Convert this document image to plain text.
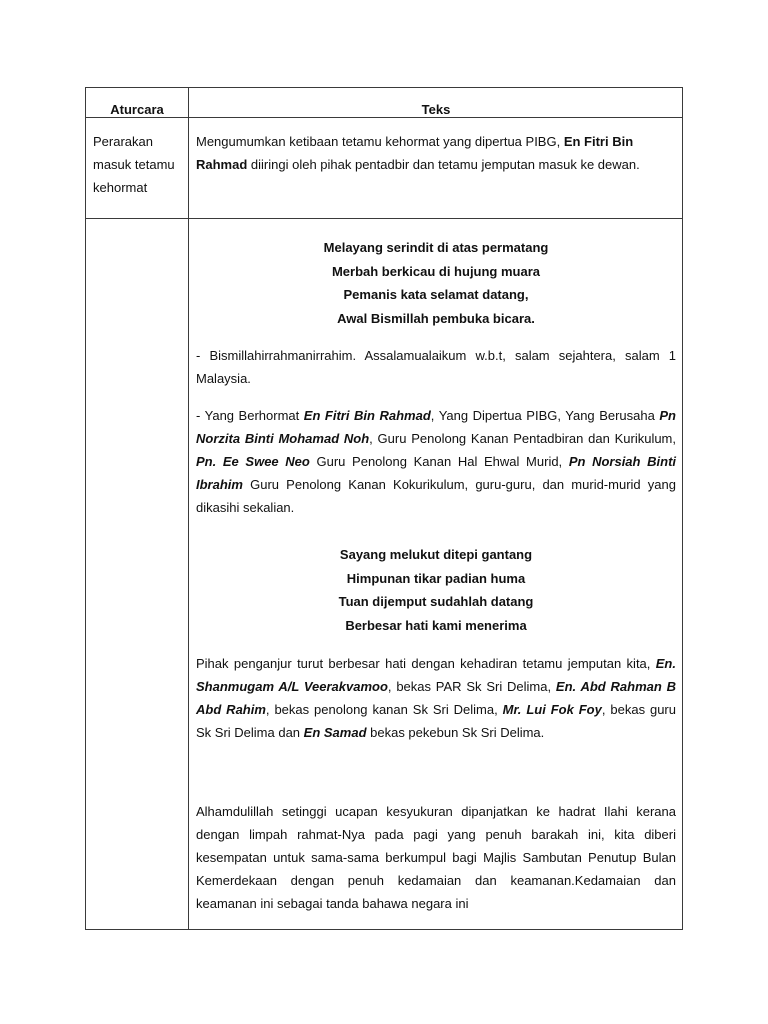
Aturcara	Teks
Perarakan masuk tetamu kehormat
Mengumumkan ketibaan tetamu kehormat yang dipertua PIBG, En Fitri Bin Rahmad diiringi oleh pihak pentadbir dan tetamu jemputan masuk ke dewan.
Melayang serindit di atas permatang
Merbah berkicau di hujung muara
Pemanis kata selamat datang,
Awal Bismillah pembuka bicara.
- Bismillahirrahmanirrahim. Assalamualaikum w.b.t, salam sejahtera, salam 1 Malaysia.
- Yang Berhormat En Fitri Bin Rahmad, Yang Dipertua PIBG, Yang Berusaha Pn Norzita Binti Mohamad Noh, Guru Penolong Kanan Pentadbiran dan Kurikulum, Pn. Ee Swee Neo Guru Penolong Kanan Hal Ehwal Murid, Pn Norsiah Binti Ibrahim Guru Penolong Kanan Kokurikulum, guru-guru, dan murid-murid yang dikasihi sekalian.
Sayang melukut ditepi gantang
Himpunan tikar padian huma
Tuan dijemput sudahlah datang
Berbesar hati kami menerima
Pihak penganjur turut berbesar hati dengan kehadiran tetamu jemputan kita, En. Shanmugam A/L Veerakvamoo, bekas PAR Sk Sri Delima, En. Abd Rahman B Abd Rahim, bekas penolong kanan Sk Sri Delima, Mr. Lui Fok Foy, bekas guru Sk Sri Delima dan En Samad bekas pekebun Sk Sri Delima.
Alhamdulillah setinggi ucapan kesyukuran dipanjatkan ke hadrat Ilahi kerana dengan limpah rahmat-Nya pada pagi yang penuh barakah ini, kita diberi kesempatan untuk sama-sama berkumpul bagi Majlis Sambutan Penutup Bulan Kemerdekaan dengan penuh kedamaian dan keamanan.Kedamaian dan keamanan ini sebagai tanda bahawa negara ini
